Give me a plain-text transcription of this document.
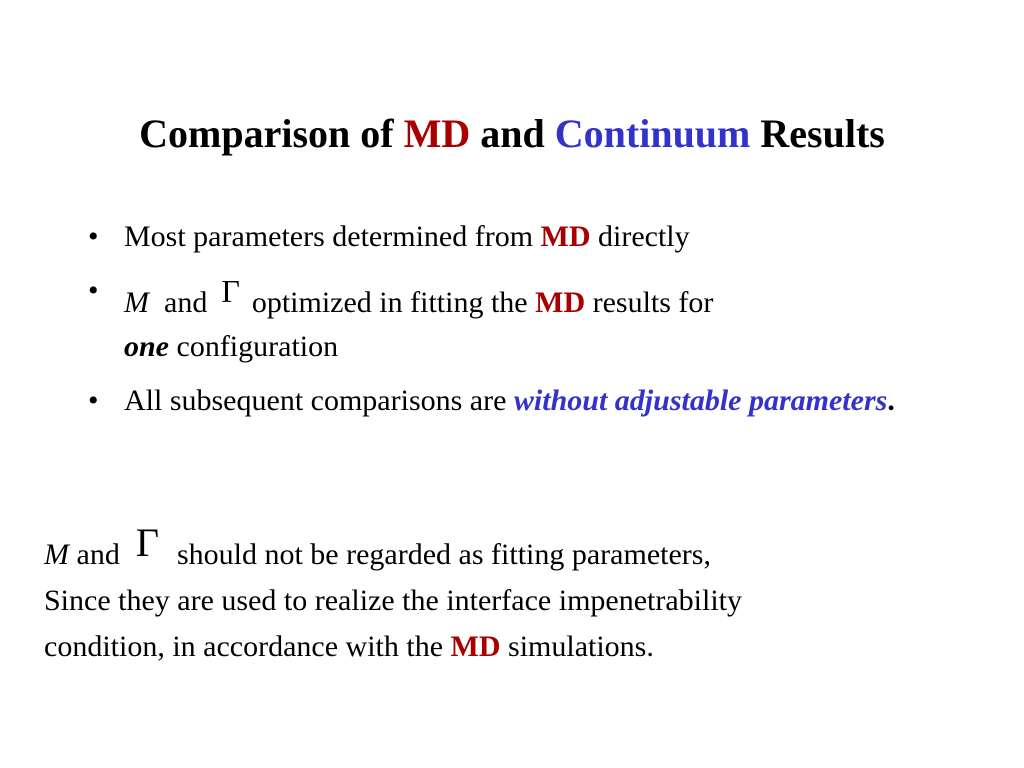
Comparison of MD and Continuum Results
• Most parameters determined from MD directly
• M and Γ optimized in fitting the MD results for
one configuration
• All subsequent comparisons are without adjustable parameters.
M and Γ should not be regarded as fitting parameters,
Since they are used to realize the interface impenetrability
condition, in accordance with the MD simulations.
